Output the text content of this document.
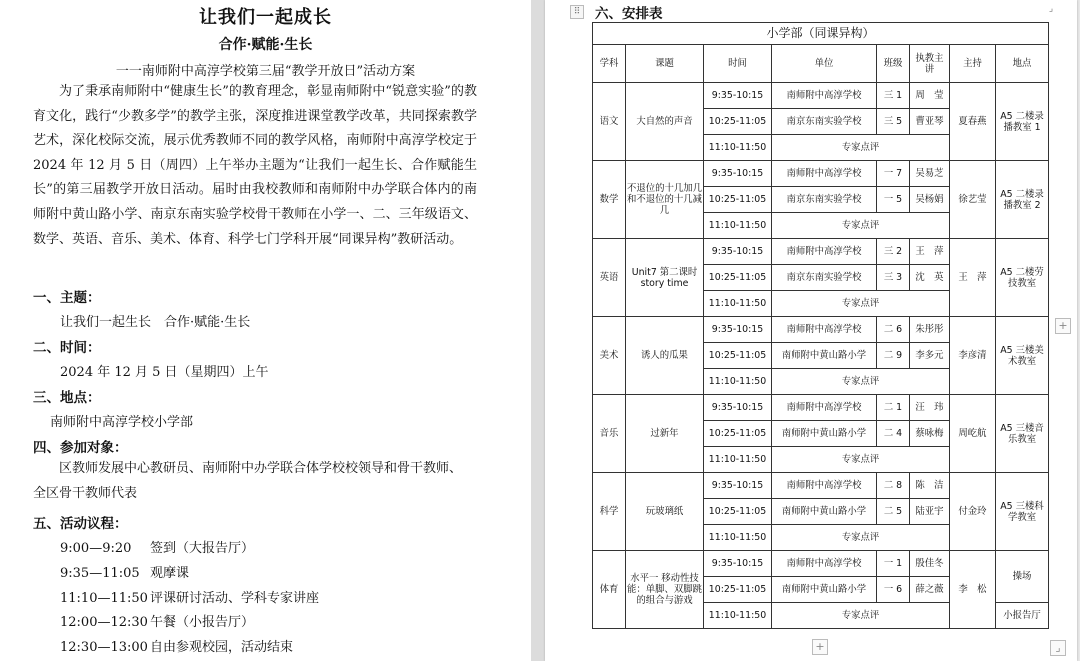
让我们一起成长
合作·赋能·生长
一一南师附中高淳学校第三届“教学开放日”活动方案

为了秉承南师附中“健康生长”的教育理念，彰显南师附中“锐意实验”的教育文化，践行“少教多学”的教学主张，深度推进课堂教学改革，共同探索教学艺术，深化校际交流，展示优秀教师不同的教学风格，南师附中高淳学校定于 2024 年 12 月 5 日（周四）上午举办主题为“让我们一起生长、合作赋能生长”的第三届教学开放日活动。届时由我校教师和南师附中办学联合体内的南师附中黄山路小学、南京东南实验学校骨干教师在小学一、二、三年级语文、数学、英语、音乐、美术、体育、科学七门学科开展“同课异构”教研活动。

一、主题：
让我们一起生长　合作·赋能·生长
二、时间：
2024 年 12 月 5 日（星期四）上午
三、地点：
南师附中高淳学校小学部
四、参加对象：
区教师发展中心教研员、南师附中办学联合体学校校领导和骨干教师、全区骨干教师代表
五、活动议程：
9:00—9:20 签到（大报告厅）
9:35—11:05 观摩课
11:10—11:50 评课研讨活动、学科专家讲座
12:00—12:30 午餐（小报告厅）
12:30—13:00 自由参观校园，活动结束
⠿ 六、安排表	⌟
小学部（同课异构）							
学科	课题	时间	单位	班级	执教主讲	主持	地点
语文	大自然的声音	9:35-10:15	南师附中高淳学校	三 1	周　莹	夏春燕	A5 二楼录播教室 1
		10:25-11:05	南京东南实验学校	三 5	曹亚琴		
		11:10-11:50	专家点评				
数学	不退位的十几加几和不退位的十几减几	9:35-10:15	南师附中高淳学校	一 7	吴易芝	徐艺莹	A5 二楼录播教室 2
		10:25-11:05	南京东南实验学校	一 5	吴杨娟		
		11:10-11:50	专家点评				
英语	Unit7 第二课时 story time	9:35-10:15	南师附中高淳学校	三 2	王　萍	王　萍	A5 二楼劳技教室
		10:25-11:05	南京东南实验学校	三 3	沈　英		
		11:10-11:50	专家点评				
美术	诱人的瓜果	9:35-10:15	南师附中高淳学校	二 6	朱彤彤	李彦清	A5 三楼美术教室
		10:25-11:05	南师附中黄山路小学	二 9	李多元		
		11:10-11:50	专家点评				
音乐	过新年	9:35-10:15	南师附中高淳学校	二 1	汪　玮	周屹航	A5 三楼音乐教室
		10:25-11:05	南师附中黄山路小学	二 4	蔡咏梅		
		11:10-11:50	专家点评				
科学	玩玻璃纸	9:35-10:15	南师附中高淳学校	二 8	陈　洁	付金玲	A5 三楼科学教室
		10:25-11:05	南师附中黄山路小学	二 5	陆亚宇		
		11:10-11:50	专家点评				
体育	水平一 移动性技能：单脚、双脚跳的组合与游戏	9:35-10:15	南师附中高淳学校	一 1	殷佳冬	李　松	操场
		10:25-11:05	南师附中黄山路小学	一 6	薛之薇		
		11:10-11:50	专家点评				小报告厅
+
+	⌟
